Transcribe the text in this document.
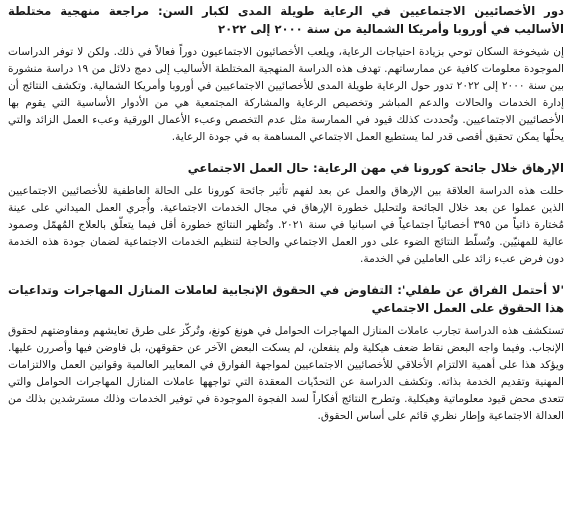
دور الأخصائيين الاجتماعيين في الرعاية طويلة المدى لكبار السن: مراجعة منهجية مختلطة الأساليب في أوروبا وأمريكا الشمالية من سنة ٢٠٠٠ إلى ٢٠٢٢

إن شيخوخة السكان توحي بزيادة احتياجات الرعاية، ويلعب الأخصائيون الاجتماعيون دوراً فعالاً في ذلك. ولكن لا توفر الدراسات الموجودة معلومات كافية عن ممارساتهم. تهدف هذه الدراسة المنهجية المختلطة الأساليب إلى دمج دلائل من ١٩ دراسة منشورة بين سنة ٢٠٠٠ إلى ٢٠٢٢ تدور حول الرعاية طويلة المدى للأخصائيين الاجتماعيين في أوروبا وأمريكا الشمالية. وتكشف النتائج أن إدارة الخدمات والحالات والدعم المباشر وتخصيص الرعاية والمشاركة المجتمعية هي من الأدوار الأساسية التي يقوم بها الأخصائيين الاجتماعيين. وتُحددت كذلك قيود في الممارسة مثل عدم التخصص وعبء الأعمال الورقية وعبء العمل الزائد والتي يحلّها يمكن تحقيق أقصى قدر لما يستطيع العمل الاجتماعي المساهمة به في جودة الرعاية.

الإرهاق خلال جائحة كورونا في مهن الرعاية: حال العمل الاجتماعي

حللت هذه الدراسة العلاقة بين الإرهاق والعمل عن بعد لفهم تأثير جائحة كورونا على الحالة العاطفية للأخصائيين الاجتماعيين الذين عملوا عن بعد خلال الجائحة ولتحليل خطورة الإرهاق في مجال الخدمات الاجتماعية. وأُجري العمل الميداني على عينة مُختارة ذاتياً من ٣٩٥ أخصائياً اجتماعياً في اسبانيا في سنة ٢٠٢١. وتُظهر النتائج خطورة أقل فيما يتعلّق بالعلاج المُهمّل وصمود عالية للمهنيّين. وتُسلّط النتائج الضوء على دور العمل الاجتماعي والحاجة لتنظيم الخدمات الاجتماعية لضمان جودة هذه الخدمة دون فرض عبء زائد على العاملين في الخدمة.

'لا أحتمل الفراق عن طفلي': التفاوض في الحقوق الإنجابية لعاملات المنازل المهاجرات وتداعيات هذا الحقوق على العمل الاجتماعي

تستكشف هذه الدراسة تجارب عاملات المنازل المهاجرات الحوامل في هونغ كونغ، وتُركّز على طرق تعايشهم ومفاوضتهم لحقوق الإنجاب. وفيما واجه البعض نقاط ضعف هيكلية ولم ينفعلن، لم يسكت البعض الآخر عن حقوقهن، بل فاوضن فيها وأصررن عليها. ويؤكد هذا على أهمية الالتزام الأخلاقي للأخصائيين الاجتماعيين لمواجهة الفوارق في المعايير العالمية وقوانين العمل والالتزامات المهنية وتقديم الخدمة بذاته. وتكشف الدراسة عن التحدّيات المعقدة التي تواجهها عاملات المنازل المهاجرات الحوامل والتي تتعدى محض قيود معلوماتية وهيكلية. وتطرح النتائج أفكاراً لسد الفجوة الموجودة في توفير الخدمات وذلك مسترشدين بذلك من العدالة الاجتماعية وإطار نظري قائم على أساس الحقوق.
